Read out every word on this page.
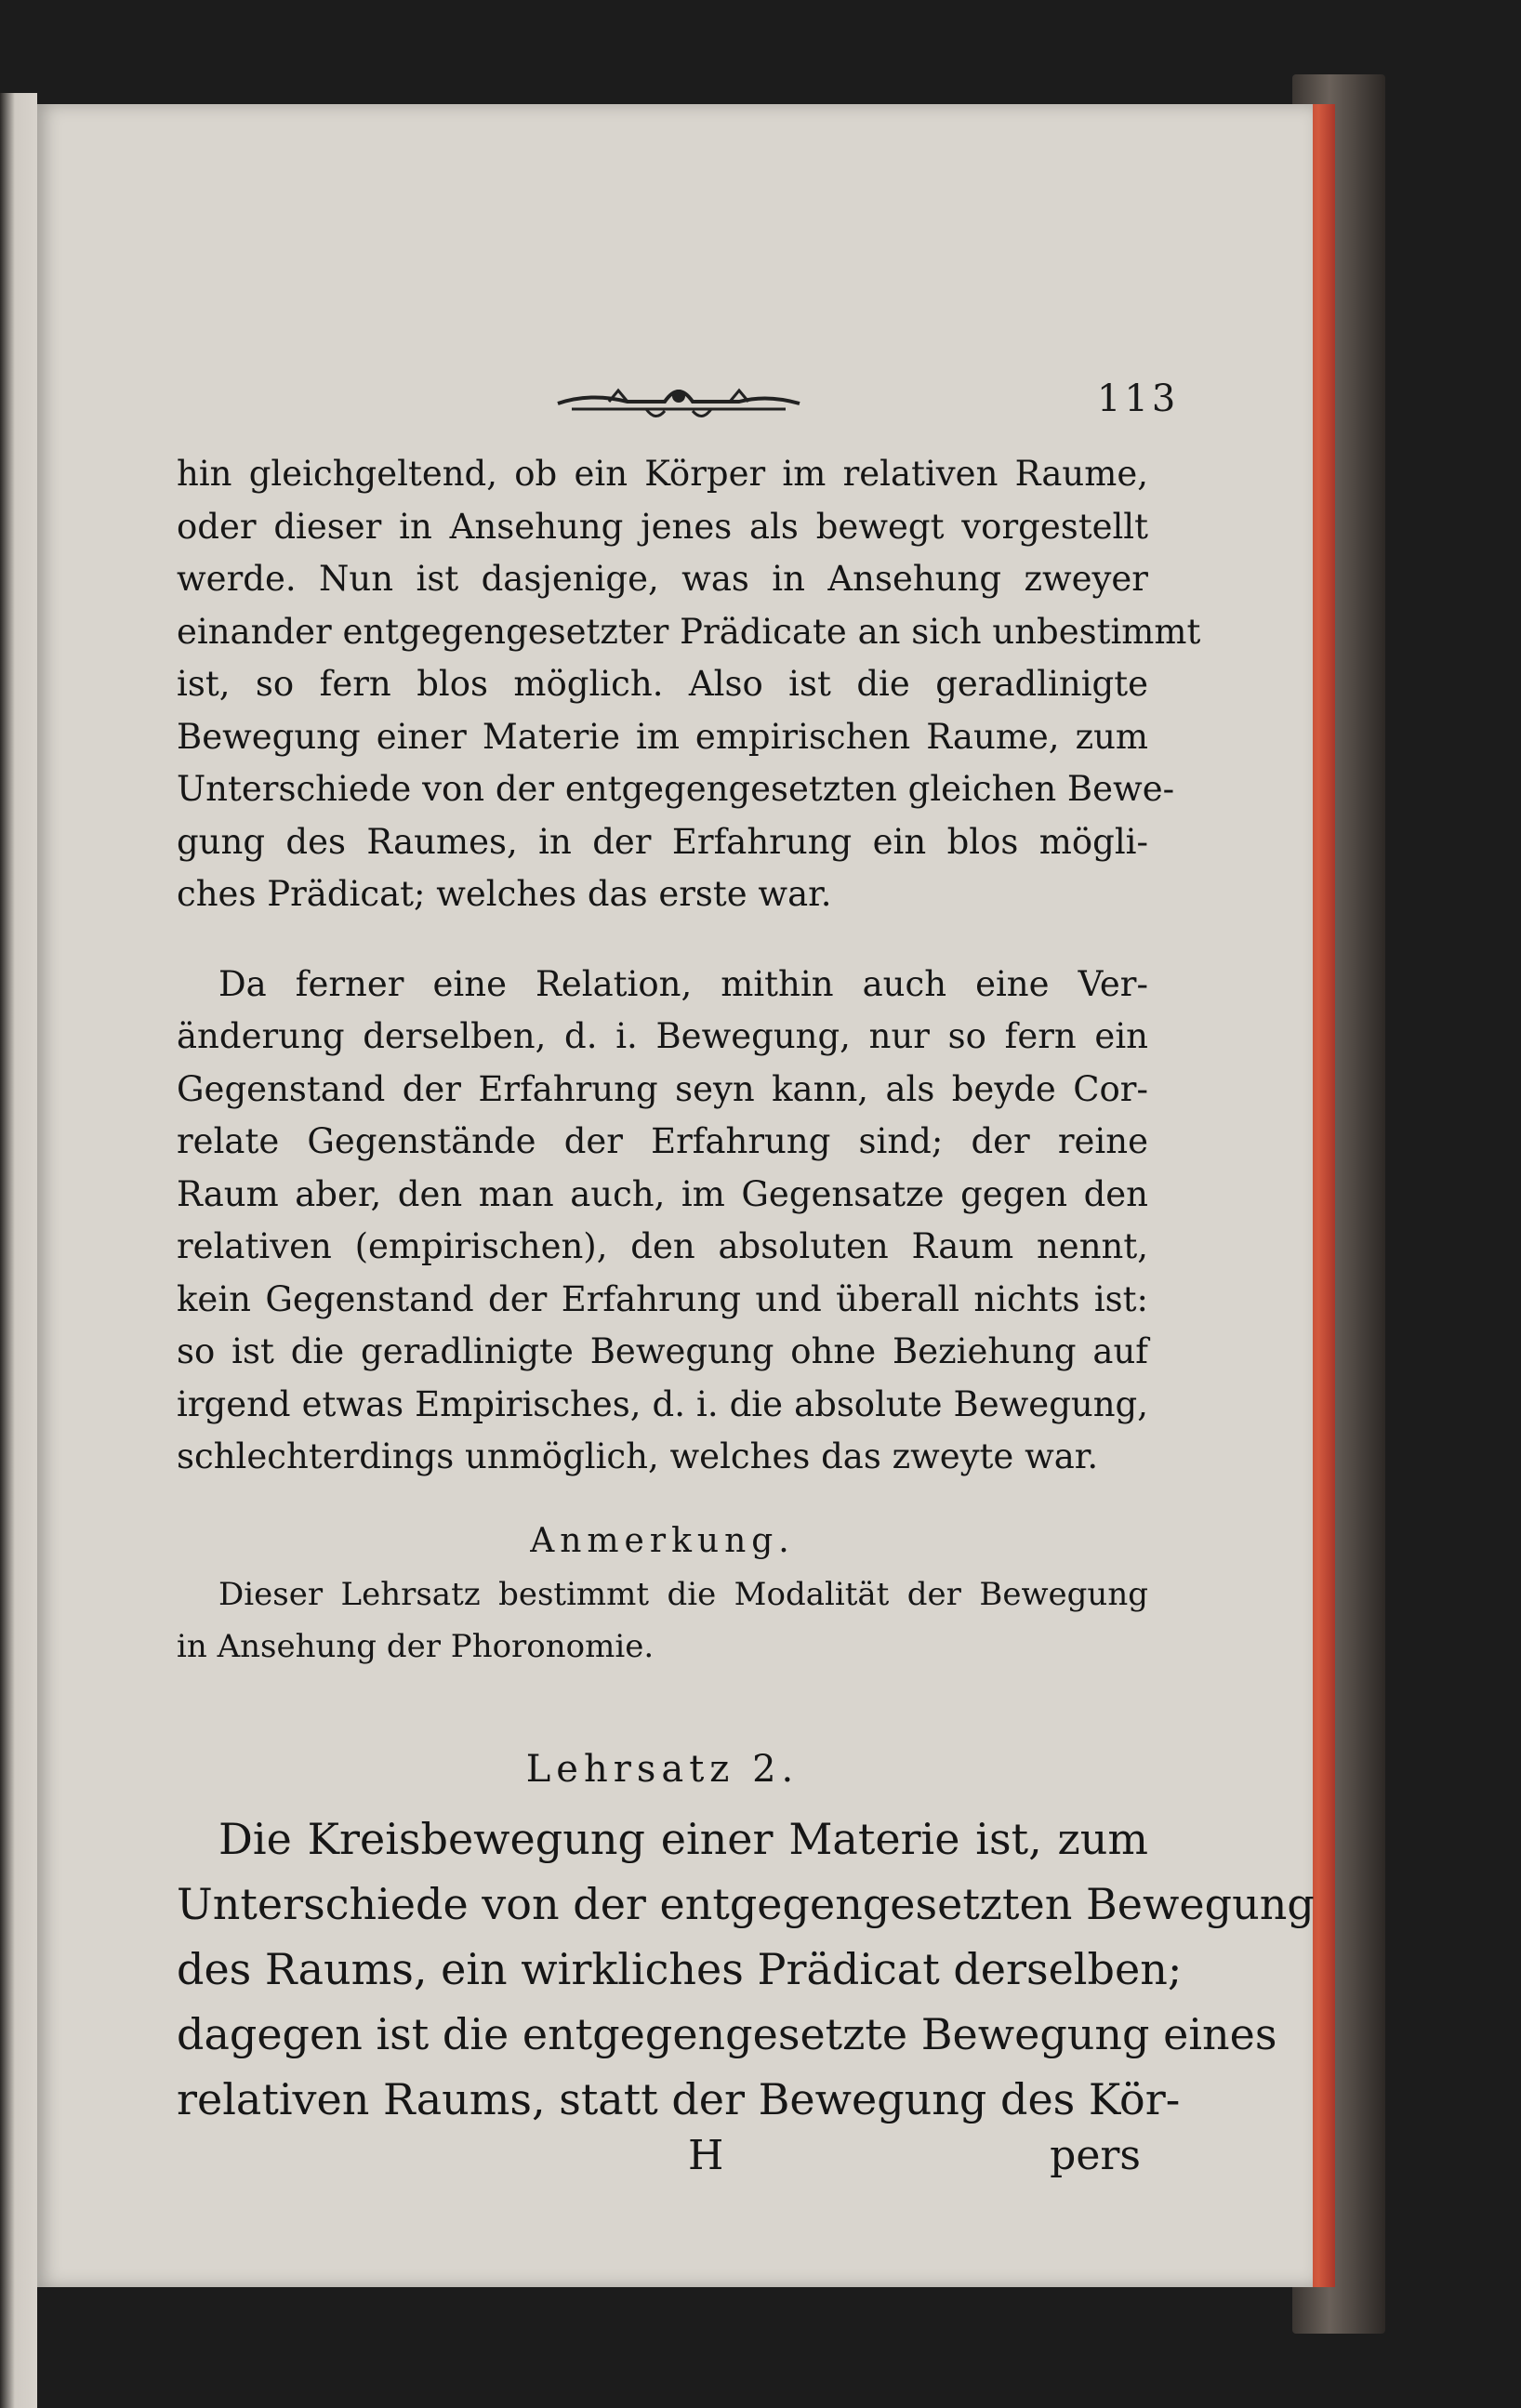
113
hin gleichgeltend, ob ein Körper im relativen Raume,
oder dieser in Ansehung jenes als bewegt vorgestellt
werde. Nun ist dasjenige, was in Ansehung zweyer
einander entgegengesetzter Prädicate an sich unbestimmt
ist, so fern blos möglich. Also ist die geradlinigte
Bewegung einer Materie im empirischen Raume, zum
Unterschiede von der entgegengesetzten gleichen Bewe-
gung des Raumes, in der Erfahrung ein blos mögli-
ches Prädicat; welches das erste war.
Da ferner eine Relation, mithin auch eine Ver-
änderung derselben, d. i. Bewegung, nur so fern ein
Gegenstand der Erfahrung seyn kann, als beyde Cor-
relate Gegenstände der Erfahrung sind; der reine
Raum aber, den man auch, im Gegensatze gegen den
relativen (empirischen), den absoluten Raum nennt,
kein Gegenstand der Erfahrung und überall nichts ist:
so ist die geradlinigte Bewegung ohne Beziehung auf
irgend etwas Empirisches, d. i. die absolute Bewegung,
schlechterdings unmöglich, welches das zweyte war.
Anmerkung.
Dieser Lehrsatz bestimmt die Modalität der Bewegung
in Ansehung der Phoronomie.
Lehrsatz 2.
Die Kreisbewegung einer Materie ist, zum
Unterschiede von der entgegengesetzten Bewegung
des Raums, ein wirkliches Prädicat derselben;
dagegen ist die entgegengesetzte Bewegung eines
relativen Raums, statt der Bewegung des Kör-
H	pers
